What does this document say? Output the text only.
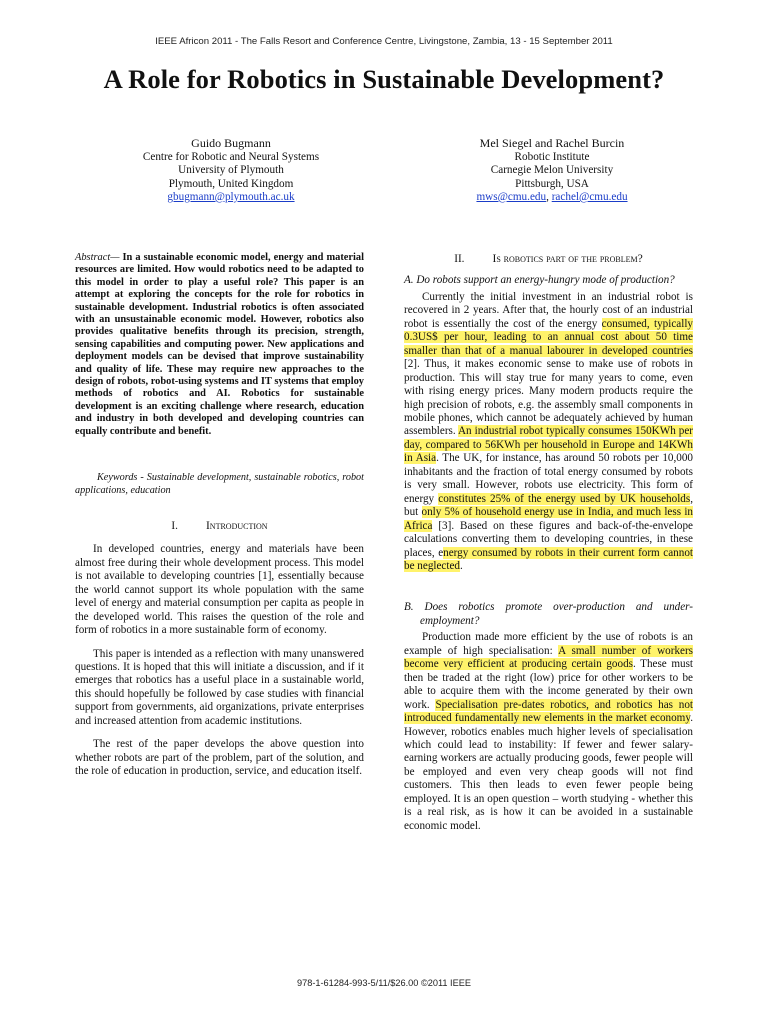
IEEE Africon 2011 - The Falls Resort and Conference Centre, Livingstone, Zambia, 13 - 15 September 2011
A Role for Robotics in Sustainable Development?
Guido Bugmann
Centre for Robotic and Neural Systems
University of Plymouth
Plymouth, United Kingdom
gbugmann@plymouth.ac.uk
Mel Siegel and Rachel Burcin
Robotic Institute
Carnegie Melon University
Pittsburgh, USA
mws@cmu.edu, rachel@cmu.edu

Abstract— In a sustainable economic model, energy and material resources are limited. How would robotics need to be adapted to this model in order to play a useful role? This paper is an attempt at exploring the concepts for the role for robotics in sustainable development. Industrial robotics is often associated with an unsustainable economic model. However, robotics also provides qualitative benefits through its precision, strength, sensing capabilities and computing power. New applications and deployment models can be devised that improve sustainability and quality of life. These may require new approaches to the design of robots, robot-using systems and IT systems that employ methods of robotics and AI. Robotics for sustainable development is an exciting challenge where research, education and industry in both developed and developing countries can equally contribute and benefit.

Keywords - Sustainable development, sustainable robotics, robot applications, education

I. Introduction

In developed countries, energy and materials have been almost free during their whole development process. This model is not available to developing countries [1], essentially because the world cannot support its whole population with the same level of energy and material consumption per capita as people in the developed world. This raises the question of the role and form of robotics in a more sustainable form of economy.

This paper is intended as a reflection with many unanswered questions. It is hoped that this will initiate a discussion, and if it emerges that robotics has a useful place in a sustainable world, this should hopefully be followed by case studies with financial support from governments, aid organizations, private enterprises and increased attention from academic institutions.

The rest of the paper develops the above question into whether robots are part of the problem, part of the solution, and the role of education in production, service, and education itself.

II. Is robotics part of the problem?

A. Do robots support an energy-hungry mode of production?

Currently the initial investment in an industrial robot is recovered in 2 years. After that, the hourly cost of an industrial robot is essentially the cost of the energy consumed, typically 0.3US$ per hour, leading to an annual cost about 50 time smaller than that of a manual labourer in developed countries [2]. Thus, it makes economic sense to make use of robots in production. This will stay true for many years to come, even with rising energy prices. Many modern products require the high precision of robots, e.g. the assembly small components in mobile phones, which cannot be adequately achieved by human assemblers. An industrial robot typically consumes 150KWh per day, compared to 56KWh per household in Europe and 14KWh in Asia. The UK, for instance, has around 50 robots per 10,000 inhabitants and the fraction of total energy consumed by robots is very small. However, robots use electricity. This form of energy constitutes 25% of the energy used by UK households, but only 5% of household energy use in India, and much less in Africa [3]. Based on these figures and back-of-the-envelope calculations converting them to developing countries, in these places, energy consumed by robots in their current form cannot be neglected.

B. Does robotics promote over-production and under-employment?

Production made more efficient by the use of robots is an example of high specialisation: A small number of workers become very efficient at producing certain goods. These must then be traded at the right (low) price for other workers to be able to acquire them with the income generated by their own work. Specialisation pre-dates robotics, and robotics has not introduced fundamentally new elements in the market economy. However, robotics enables much higher levels of specialisation which could lead to instability: If fewer and fewer salary-earning workers are actually producing goods, fewer people will be employed and even very cheap goods will not find customers. This then leads to even fewer people being employed. It is an open question – worth studying - whether this is a real risk, as is how it can be avoided in a sustainable economic model.

978-1-61284-993-5/11/$26.00 ©2011 IEEE
